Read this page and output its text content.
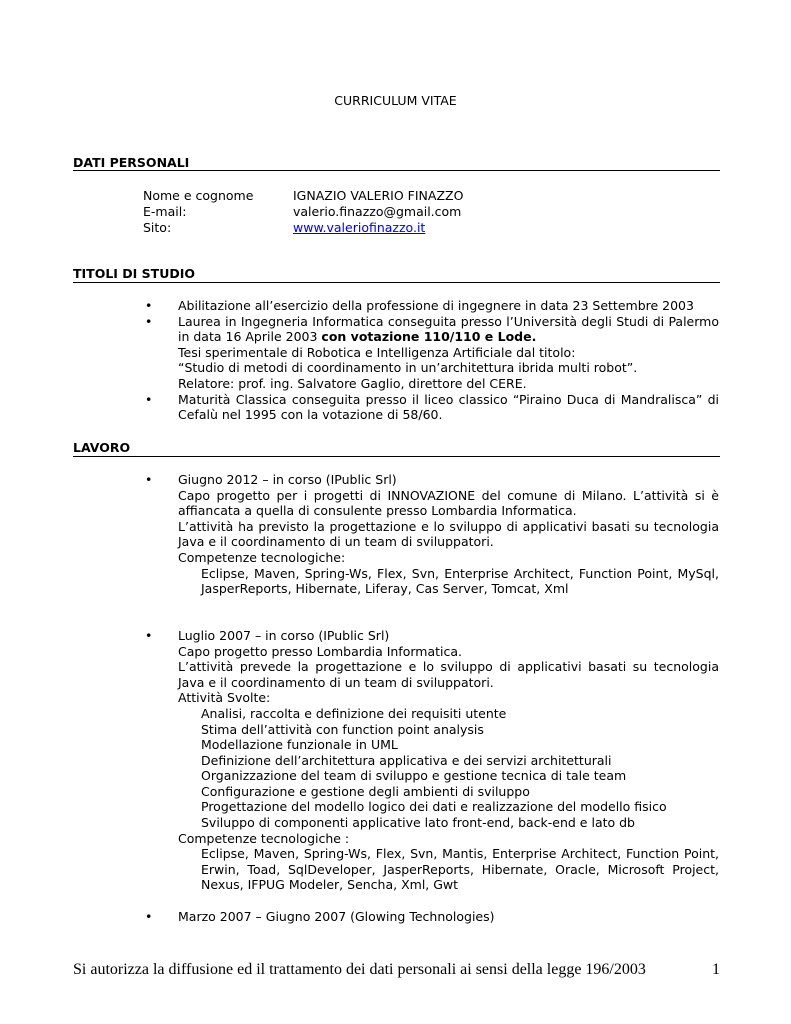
CURRICULUM VITAE
DATI PERSONALI
Nome e cognome	IGNAZIO VALERIO FINAZZO
E-mail:	valerio.finazzo@gmail.com
Sito:	www.valeriofinazzo.it
TITOLI DI STUDIO
• Abilitazione all’esercizio della professione di ingegnere in data 23 Settembre 2003
• Laurea in Ingegneria Informatica conseguita presso l’Università degli Studi di Palermo in data 16 Aprile 2003 con votazione 110/110 e Lode.
Tesi sperimentale di Robotica e Intelligenza Artificiale dal titolo:
“Studio di metodi di coordinamento in un’architettura ibrida multi robot”.
Relatore: prof. ing. Salvatore Gaglio, direttore del CERE.
• Maturità Classica conseguita presso il liceo classico “Piraino Duca di Mandralisca” di Cefalù nel 1995 con la votazione di 58/60.
LAVORO
• Giugno 2012 – in corso (IPublic Srl)
Capo progetto per i progetti di INNOVAZIONE del comune di Milano. L’attività si è affiancata a quella di consulente presso Lombardia Informatica.
L’attività ha previsto la progettazione e lo sviluppo di applicativi basati su tecnologia Java e il coordinamento di un team di sviluppatori.
Competenze tecnologiche:
Eclipse, Maven, Spring-Ws, Flex, Svn, Enterprise Architect, Function Point, MySql, JasperReports, Hibernate, Liferay, Cas Server, Tomcat, Xml
• Luglio 2007 – in corso (IPublic Srl)
Capo progetto presso Lombardia Informatica.
L’attività prevede la progettazione e lo sviluppo di applicativi basati su tecnologia Java e il coordinamento di un team di sviluppatori.
Attività Svolte:
Analisi, raccolta e definizione dei requisiti utente
Stima dell’attività con function point analysis
Modellazione funzionale in UML
Definizione dell’architettura applicativa e dei servizi architetturali
Organizzazione del team di sviluppo e gestione tecnica di tale team
Configurazione e gestione degli ambienti di sviluppo
Progettazione del modello logico dei dati e realizzazione del modello fisico
Sviluppo di componenti applicative lato front-end, back-end e lato db
Competenze tecnologiche :
Eclipse, Maven, Spring-Ws, Flex, Svn, Mantis, Enterprise Architect, Function Point, Erwin, Toad, SqlDeveloper, JasperReports, Hibernate, Oracle, Microsoft Project, Nexus, IFPUG Modeler, Sencha, Xml, Gwt
• Marzo 2007 – Giugno 2007 (Glowing Technologies)
Si autorizza la diffusione ed il trattamento dei dati personali ai sensi della legge 196/2003	1
